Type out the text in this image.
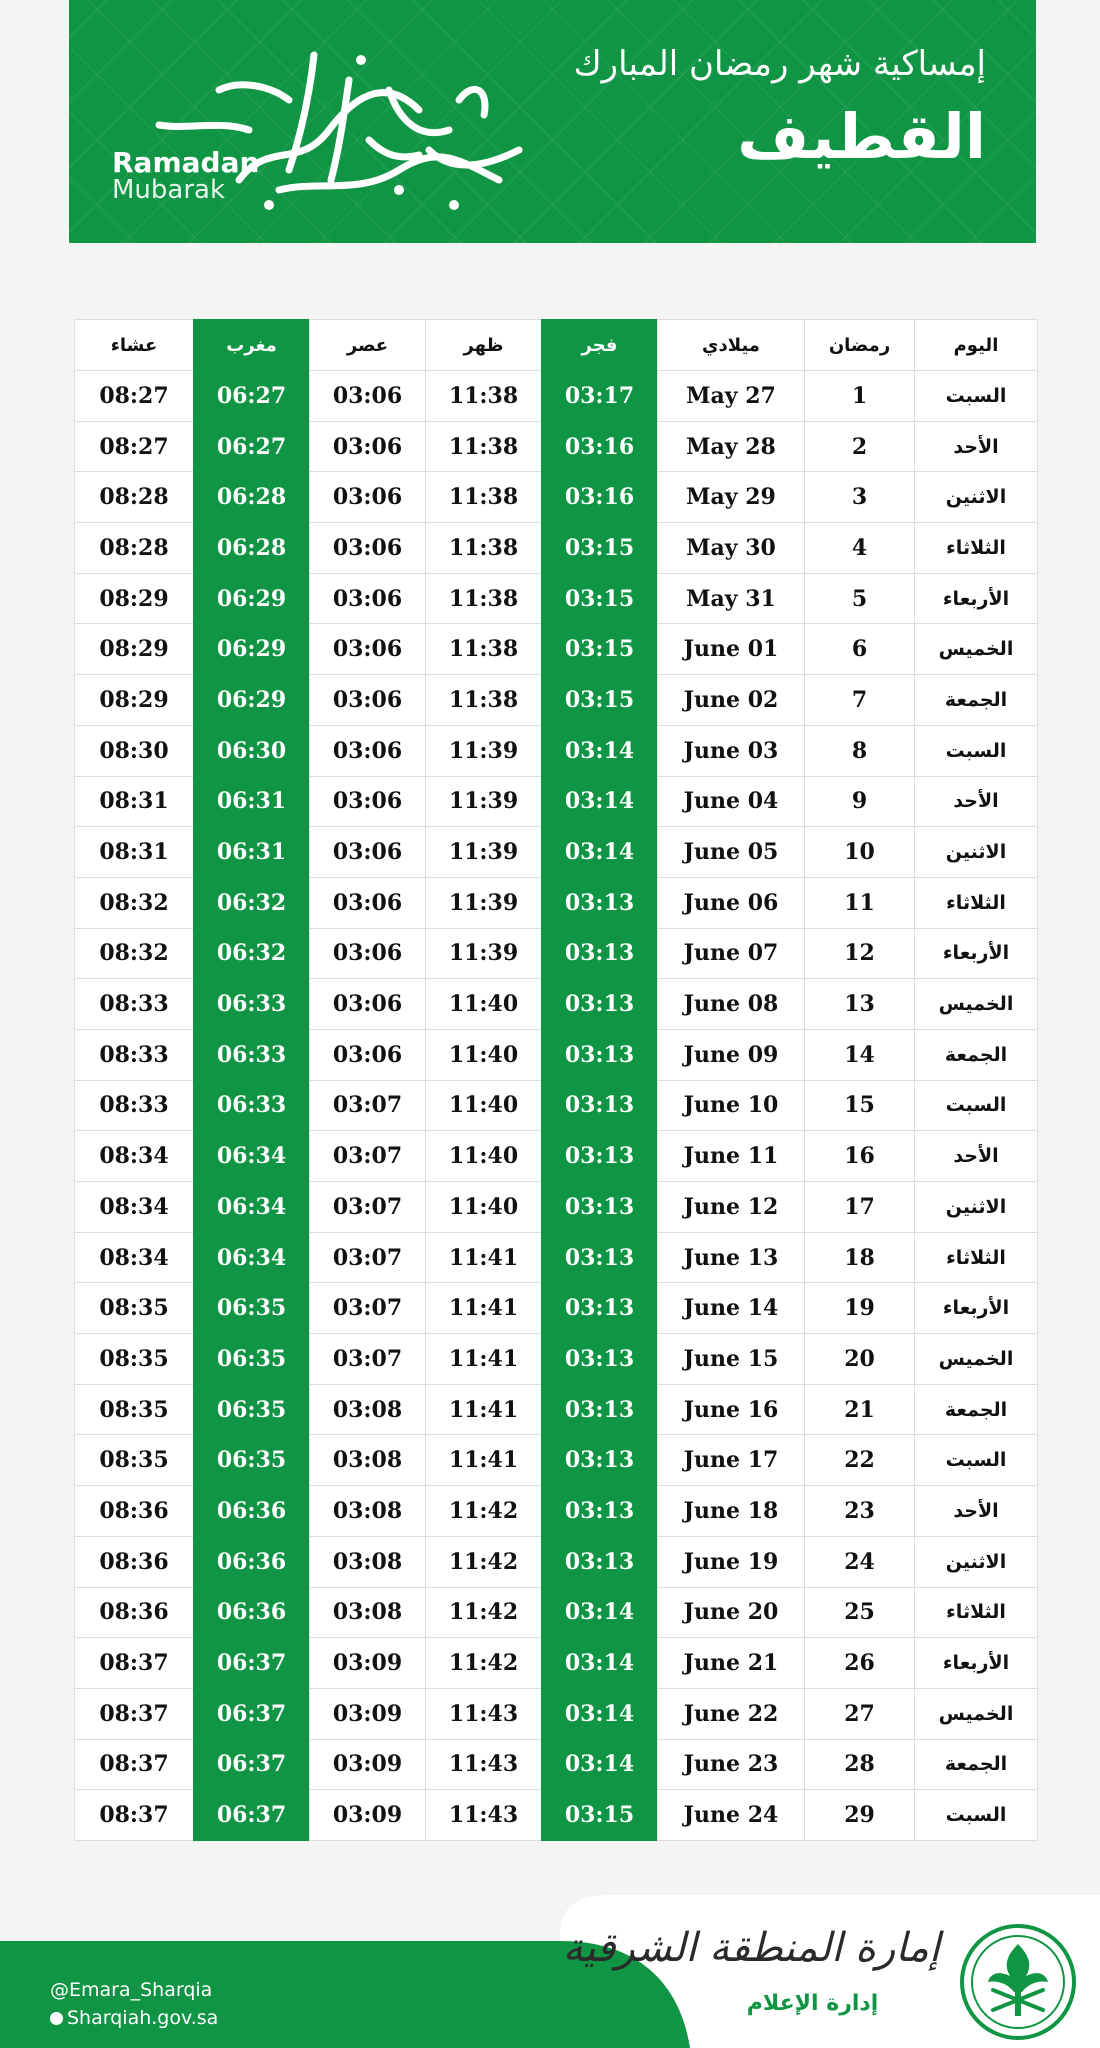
Ramadan
Mubarak
إمساكية شهر رمضان المبارك
القطيف
اليوم	رمضان	ميلادي	فجر	ظهر	عصر	مغرب	عشاء
السبت	1	27 May	03:17	11:38	03:06	06:27	08:27
الأحد	2	28 May	03:16	11:38	03:06	06:27	08:27
الاثنين	3	29 May	03:16	11:38	03:06	06:28	08:28
الثلاثاء	4	30 May	03:15	11:38	03:06	06:28	08:28
الأربعاء	5	31 May	03:15	11:38	03:06	06:29	08:29
الخميس	6	01 June	03:15	11:38	03:06	06:29	08:29
الجمعة	7	02 June	03:15	11:38	03:06	06:29	08:29
السبت	8	03 June	03:14	11:39	03:06	06:30	08:30
الأحد	9	04 June	03:14	11:39	03:06	06:31	08:31
الاثنين	10	05 June	03:14	11:39	03:06	06:31	08:31
الثلاثاء	11	06 June	03:13	11:39	03:06	06:32	08:32
الأربعاء	12	07 June	03:13	11:39	03:06	06:32	08:32
الخميس	13	08 June	03:13	11:40	03:06	06:33	08:33
الجمعة	14	09 June	03:13	11:40	03:06	06:33	08:33
السبت	15	10 June	03:13	11:40	03:07	06:33	08:33
الأحد	16	11 June	03:13	11:40	03:07	06:34	08:34
الاثنين	17	12 June	03:13	11:40	03:07	06:34	08:34
الثلاثاء	18	13 June	03:13	11:41	03:07	06:34	08:34
الأربعاء	19	14 June	03:13	11:41	03:07	06:35	08:35
الخميس	20	15 June	03:13	11:41	03:07	06:35	08:35
الجمعة	21	16 June	03:13	11:41	03:08	06:35	08:35
السبت	22	17 June	03:13	11:41	03:08	06:35	08:35
الأحد	23	18 June	03:13	11:42	03:08	06:36	08:36
الاثنين	24	19 June	03:13	11:42	03:08	06:36	08:36
الثلاثاء	25	20 June	03:14	11:42	03:08	06:36	08:36
الأربعاء	26	21 June	03:14	11:42	03:09	06:37	08:37
الخميس	27	22 June	03:14	11:43	03:09	06:37	08:37
الجمعة	28	23 June	03:14	11:43	03:09	06:37	08:37
السبت	29	24 June	03:15	11:43	03:09	06:37	08:37
@Emara_Sharqia
Sharqiah.gov.sa
إمارة المنطقة الشرقية
إدارة الإعلام
